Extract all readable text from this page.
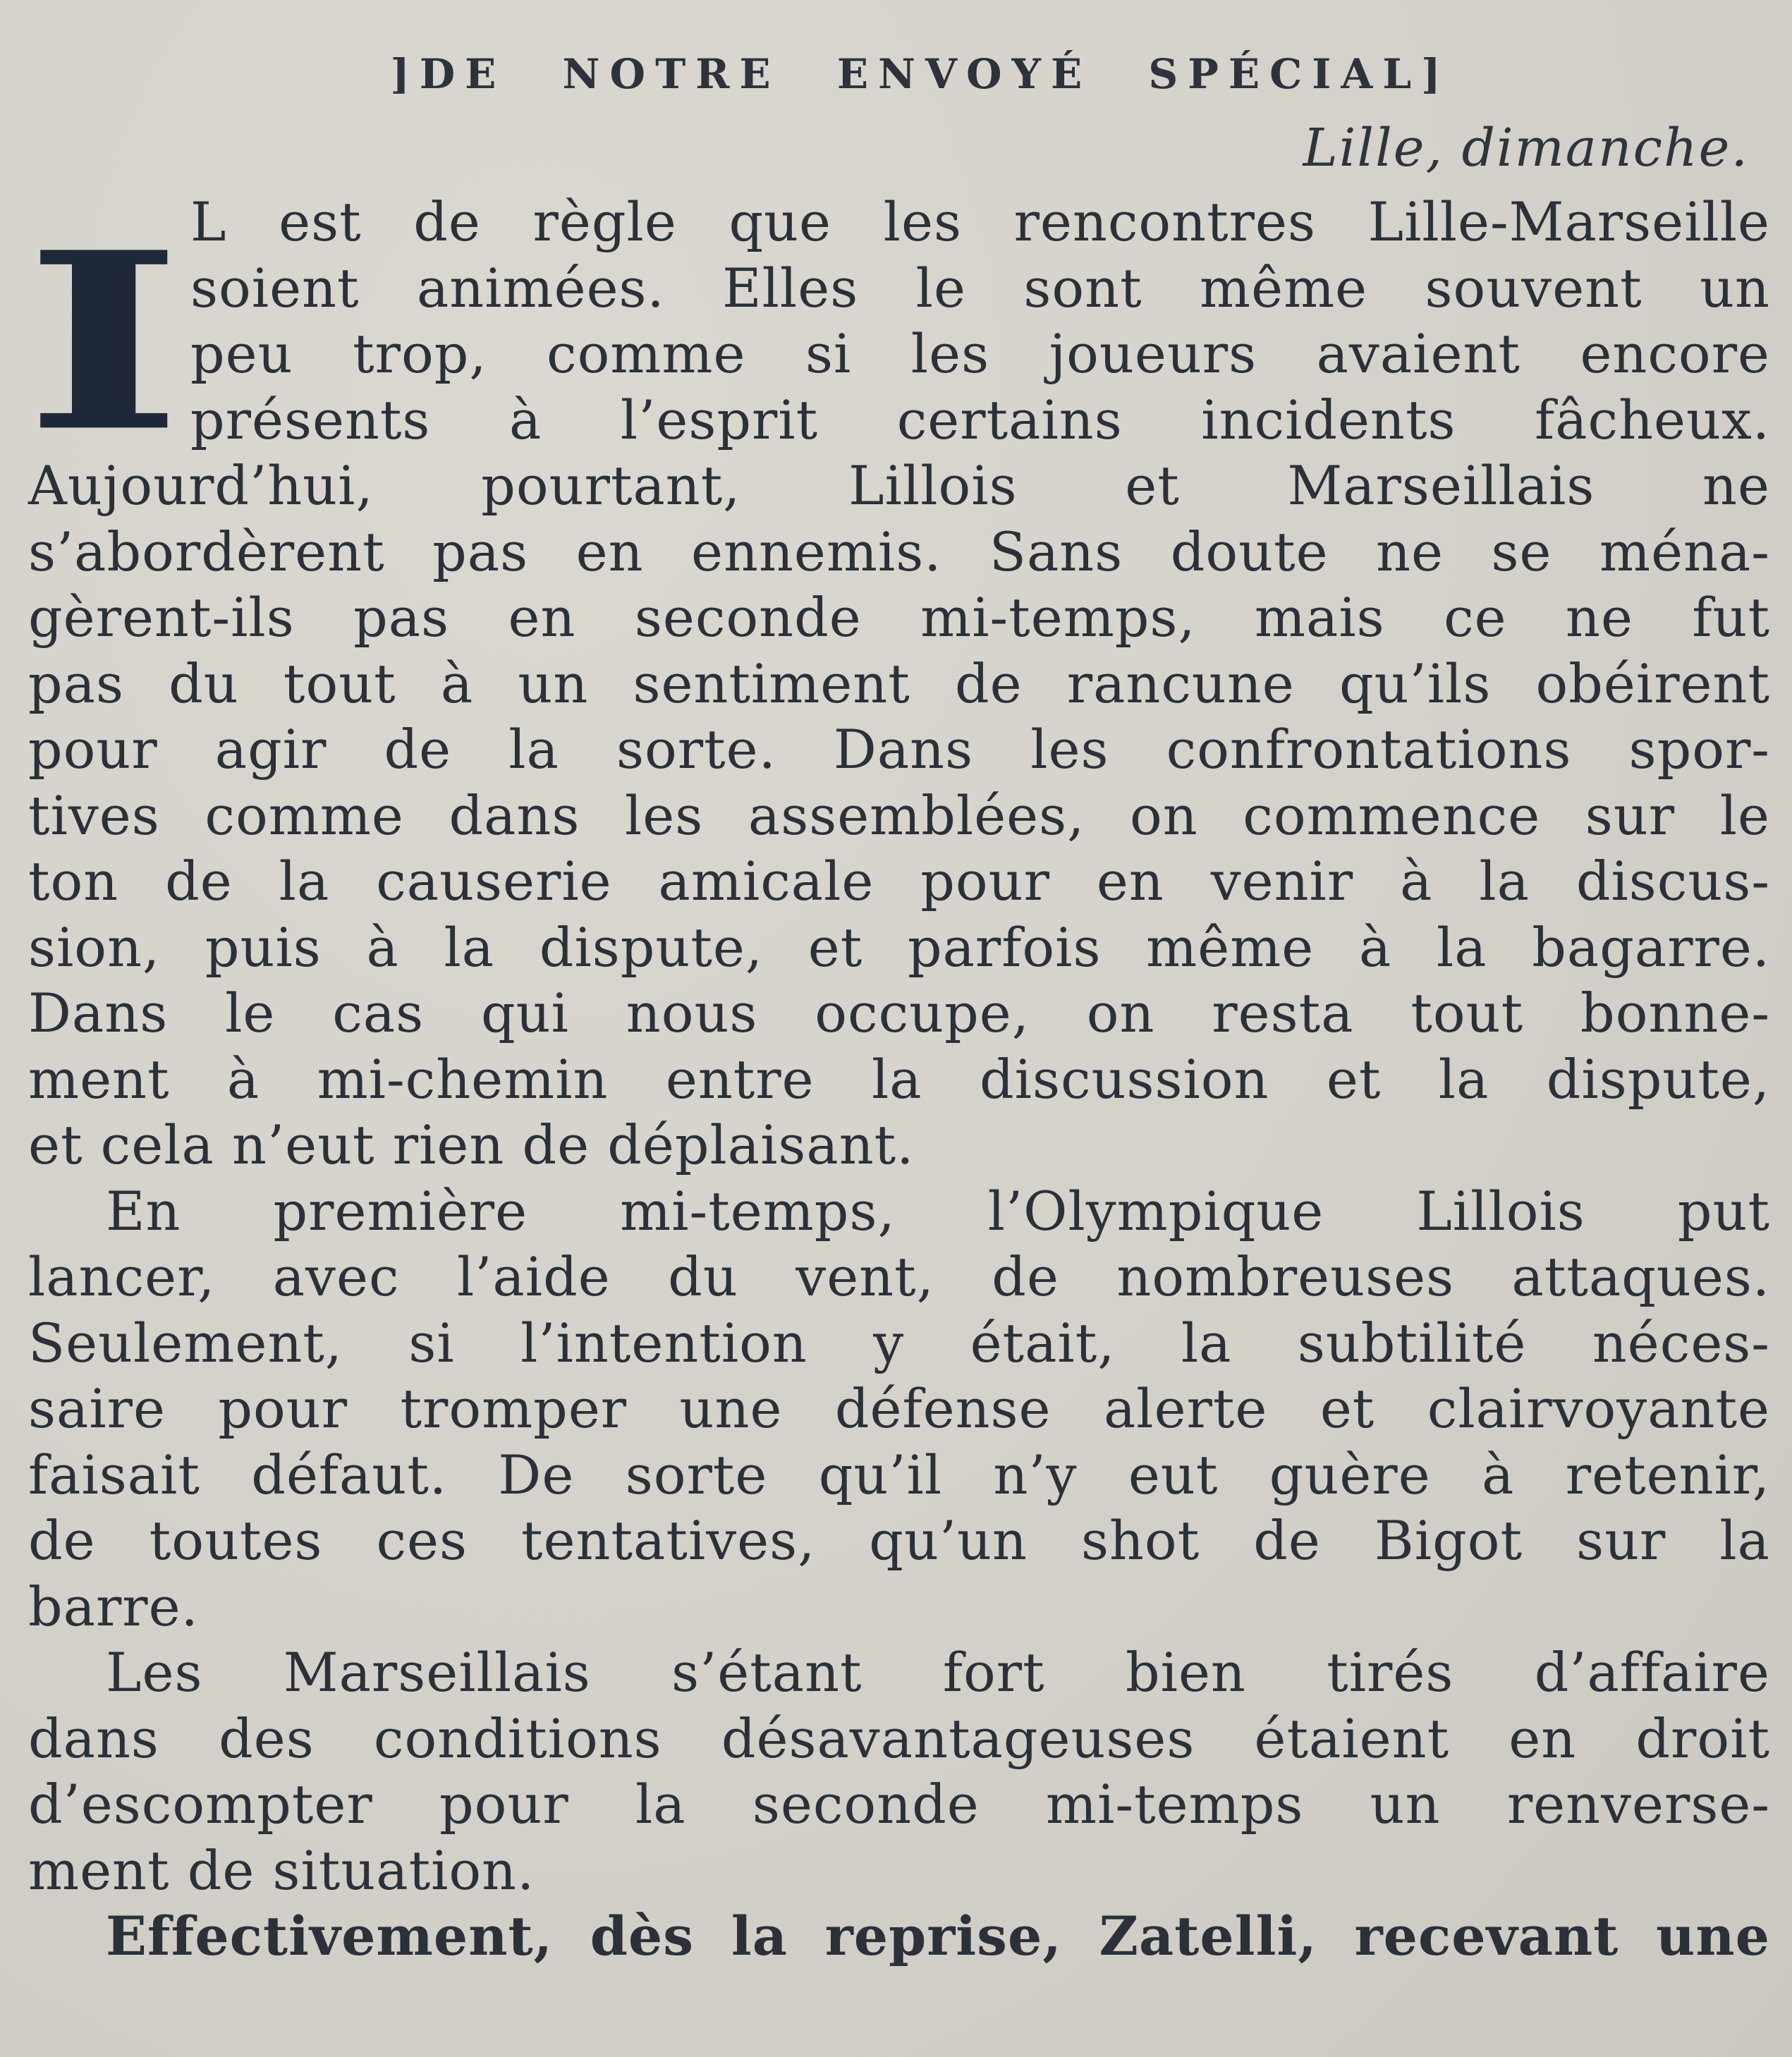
]DE NOTRE ENVOYÉ SPÉCIAL]
Lille, dimanche.
I L est de règle que les rencontres Lille-Marseille
soient animées. Elles le sont même souvent un
peu trop, comme si les joueurs avaient encore
présents à l’esprit certains incidents fâcheux.
Aujourd’hui, pourtant, Lillois et Marseillais ne
s’abordèrent pas en ennemis. Sans doute ne se ména-
gèrent-ils pas en seconde mi-temps, mais ce ne fut
pas du tout à un sentiment de rancune qu’ils obéirent
pour agir de la sorte. Dans les confrontations spor-
tives comme dans les assemblées, on commence sur le
ton de la causerie amicale pour en venir à la discus-
sion, puis à la dispute, et parfois même à la bagarre.
Dans le cas qui nous occupe, on resta tout bonne-
ment à mi-chemin entre la discussion et la dispute,
et cela n’eut rien de déplaisant.
En première mi-temps, l’Olympique Lillois put
lancer, avec l’aide du vent, de nombreuses attaques.
Seulement, si l’intention y était, la subtilité néces-
saire pour tromper une défense alerte et clairvoyante
faisait défaut. De sorte qu’il n’y eut guère à retenir,
de toutes ces tentatives, qu’un shot de Bigot sur la
barre.
Les Marseillais s’étant fort bien tirés d’affaire
dans des conditions désavantageuses étaient en droit
d’escompter pour la seconde mi-temps un renverse-
ment de situation.
Effectivement, dès la reprise, Zatelli, recevant une
